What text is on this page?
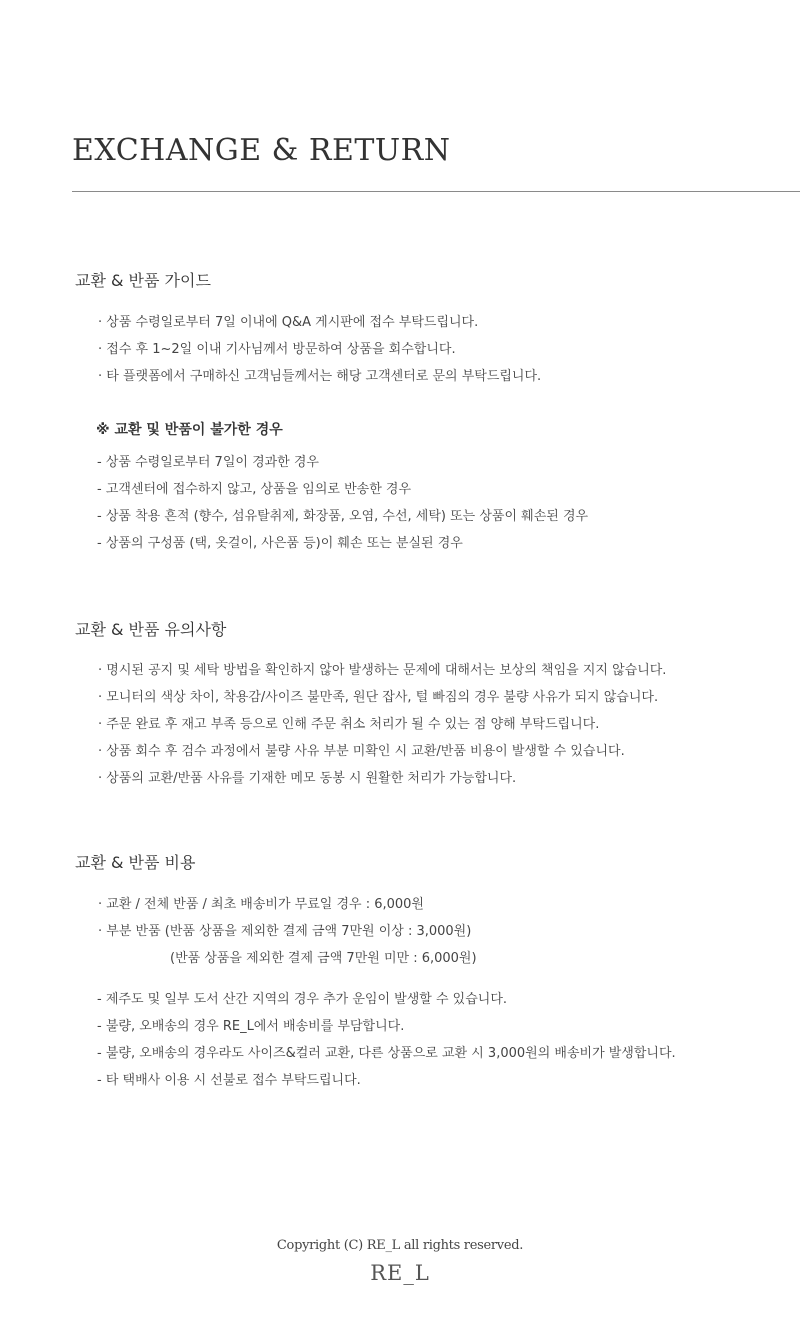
EXCHANGE & RETURN
교환 & 반품 가이드

· 상품 수령일로부터 7일 이내에 Q&A 게시판에 접수 부탁드립니다.

· 접수 후 1~2일 이내 기사님께서 방문하여 상품을 회수합니다.

· 타 플랫폼에서 구매하신 고객님들께서는 해당 고객센터로 문의 부탁드립니다.

※ 교환 및 반품이 불가한 경우

- 상품 수령일로부터 7일이 경과한 경우

- 고객센터에 접수하지 않고, 상품을 임의로 반송한 경우

- 상품 착용 흔적 (향수, 섬유탈취제, 화장품, 오염, 수선, 세탁) 또는 상품이 훼손된 경우

- 상품의 구성품 (택, 옷걸이, 사은품 등)이 훼손 또는 분실된 경우

교환 & 반품 유의사항

· 명시된 공지 및 세탁 방법을 확인하지 않아 발생하는 문제에 대해서는 보상의 책임을 지지 않습니다.

· 모니터의 색상 차이, 착용감/사이즈 불만족, 원단 잡사, 털 빠짐의 경우 불량 사유가 되지 않습니다.

· 주문 완료 후 재고 부족 등으로 인해 주문 취소 처리가 될 수 있는 점 양해 부탁드립니다.

· 상품 회수 후 검수 과정에서 불량 사유 부분 미확인 시 교환/반품 비용이 발생할 수 있습니다.

· 상품의 교환/반품 사유를 기재한 메모 동봉 시 원활한 처리가 가능합니다.

교환 & 반품 비용

· 교환 / 전체 반품 / 최초 배송비가 무료일 경우 : 6,000원

· 부분 반품 (반품 상품을 제외한 결제 금액 7만원 이상 : 3,000원)

(반품 상품을 제외한 결제 금액 7만원 미만 : 6,000원)

- 제주도 및 일부 도서 산간 지역의 경우 추가 운임이 발생할 수 있습니다.

- 불량, 오배송의 경우 RE_L에서 배송비를 부담합니다.

- 불량, 오배송의 경우라도 사이즈&컬러 교환, 다른 상품으로 교환 시 3,000원의 배송비가 발생합니다.

- 타 택배사 이용 시 선불로 접수 부탁드립니다.

Copyright (C) RE_L all rights reserved.
RE_L
